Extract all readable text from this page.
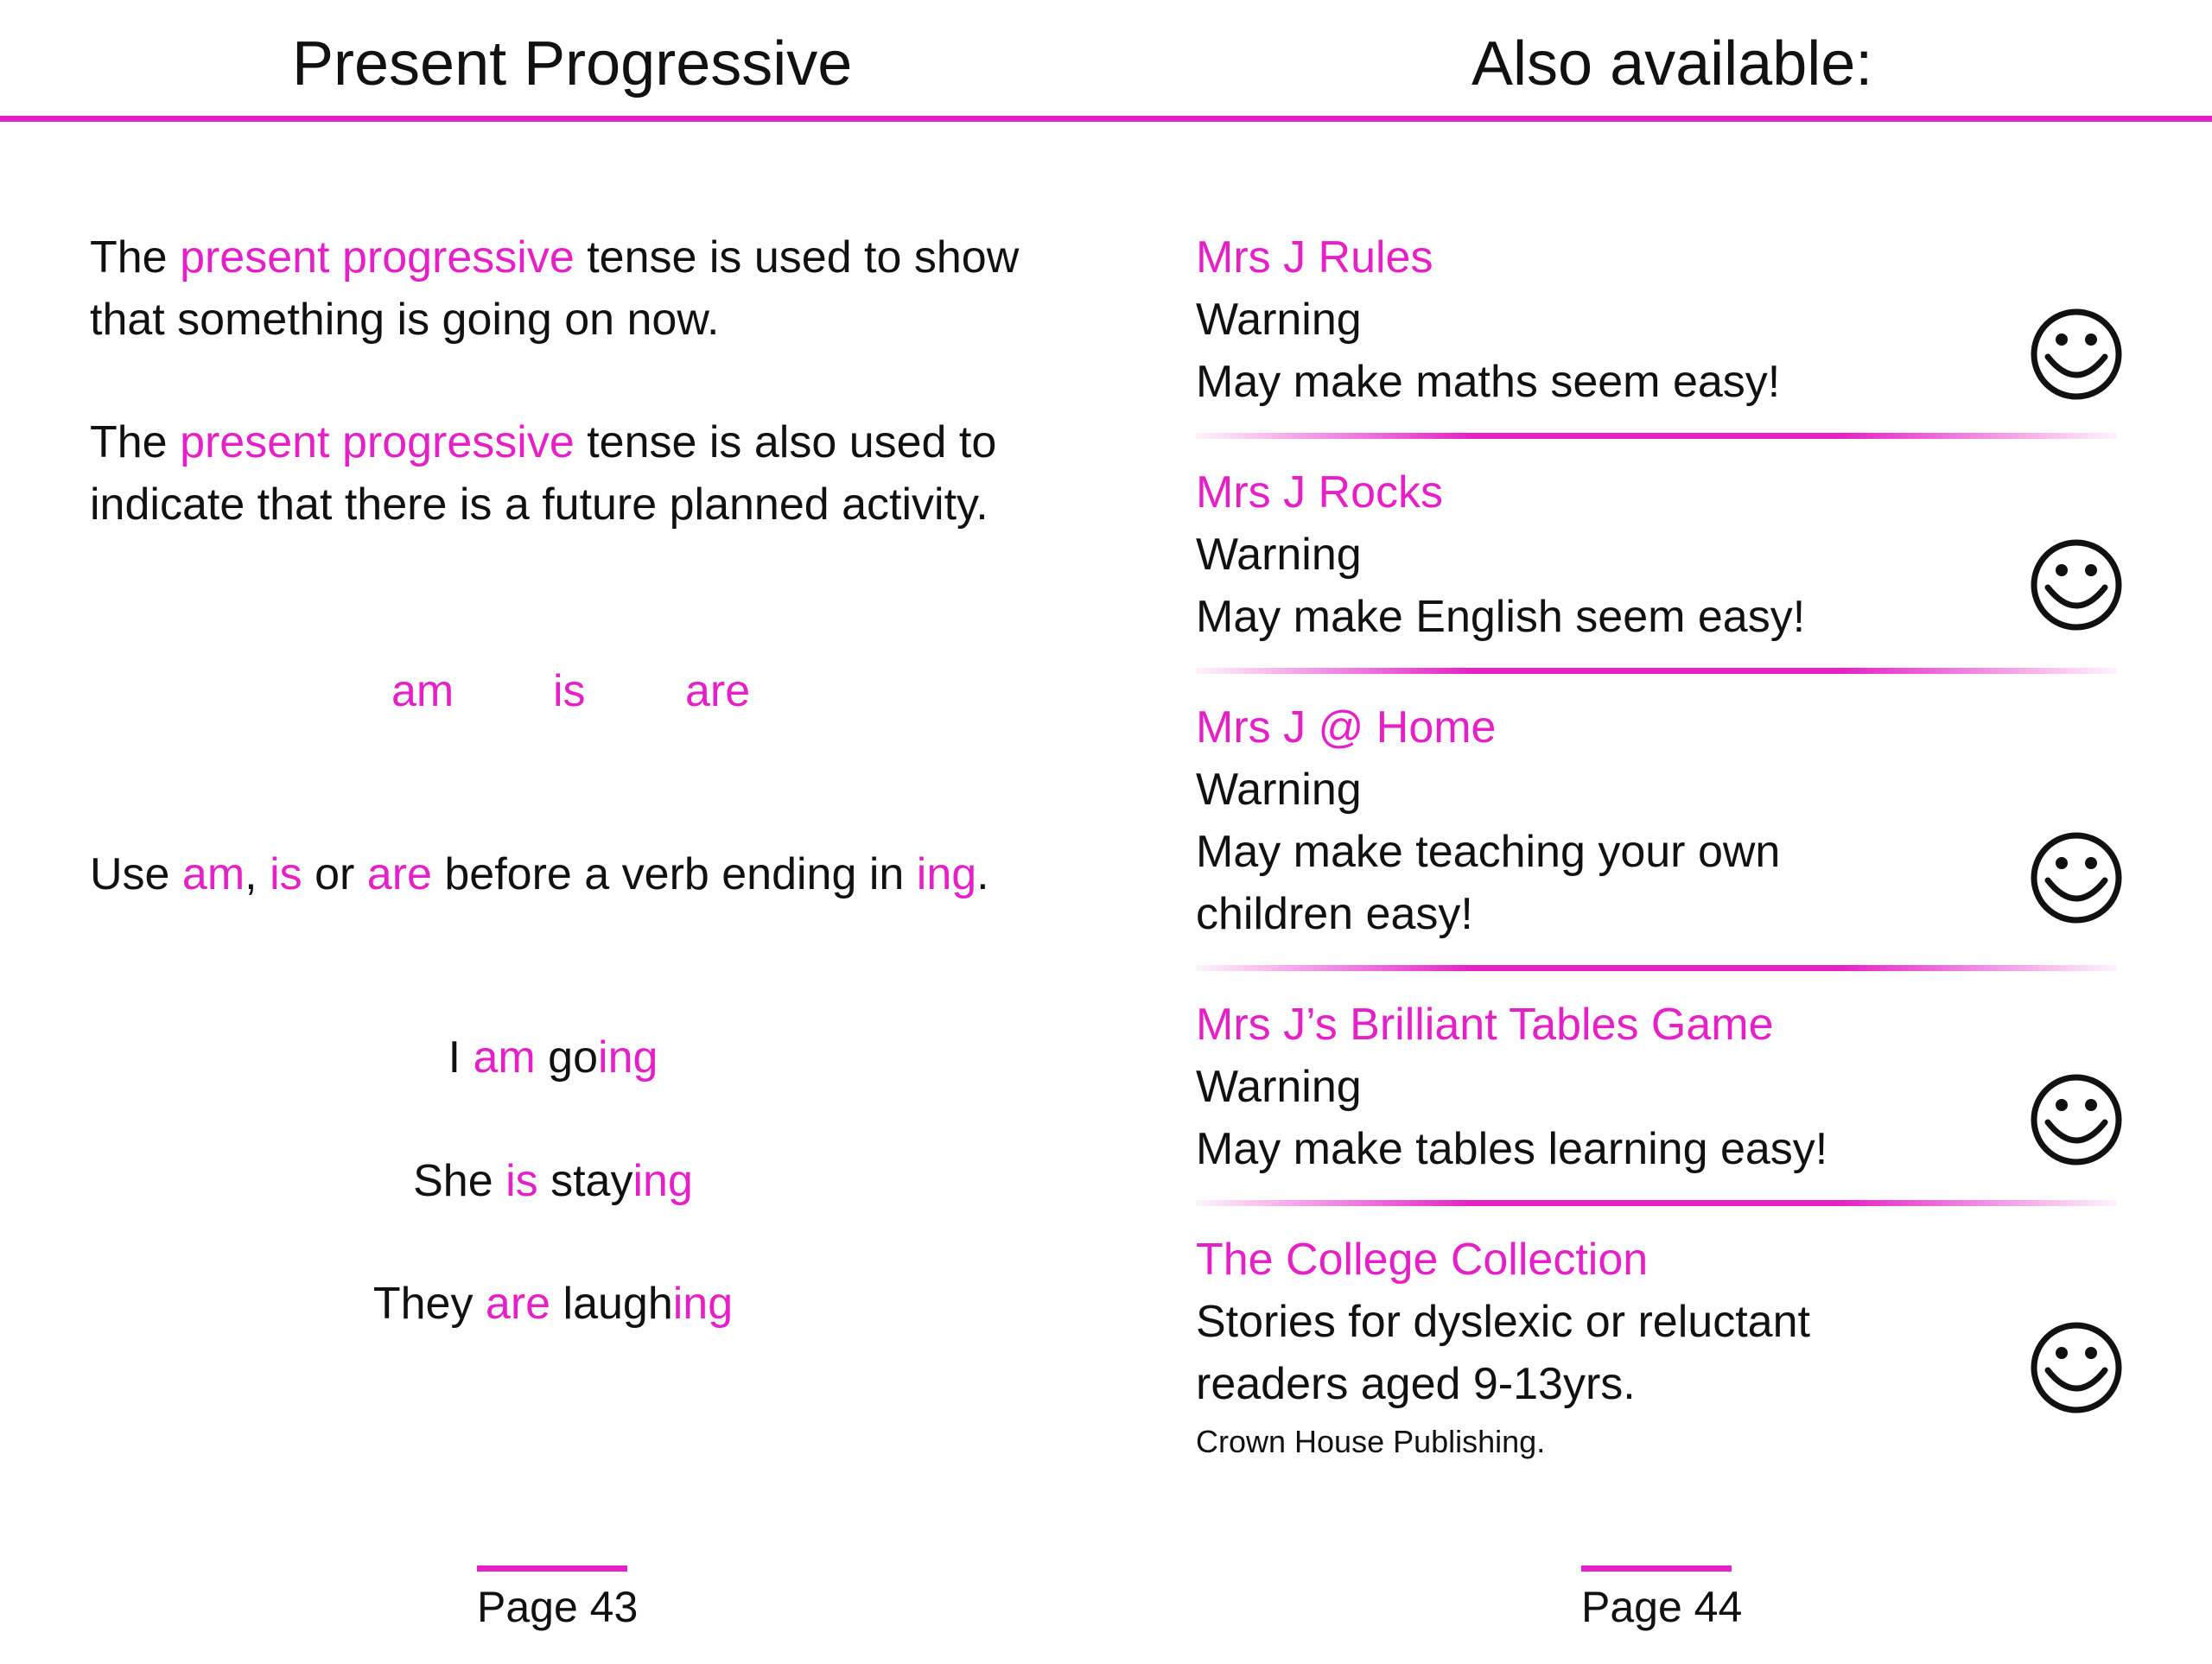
Present Progressive	Also available:
The present progressive tense is used to show
that something is going on now.
The present progressive tense is also used to
indicate that there is a future planned activity.
am is are
Use am, is or are before a verb ending in ing.
I am going
She is staying
They are laughing
Page 43
Mrs J Rules
Warning
May make maths seem easy!
Mrs J Rocks
Warning
May make English seem easy!
Mrs J @ Home
Warning
May make teaching your own
children easy!
Mrs J’s Brilliant Tables Game
Warning
May make tables learning easy!
The College Collection
Stories for dyslexic or reluctant
readers aged 9-13yrs.
Crown House Publishing.
Page 44
